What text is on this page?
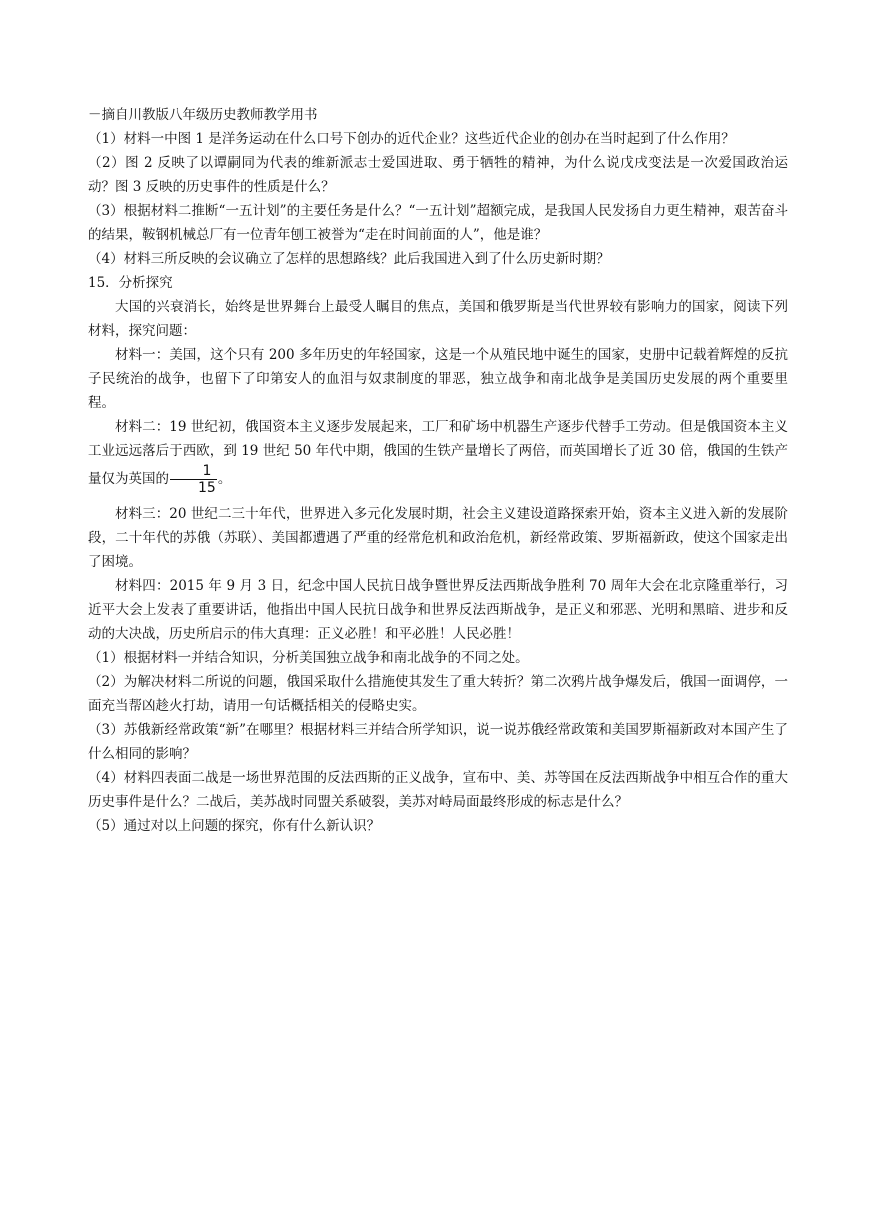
－摘自川教版八年级历史教师教学用书

（1）材料一中图 1 是洋务运动在什么口号下创办的近代企业？这些近代企业的创办在当时起到了什么作用？

（2）图 2 反映了以谭嗣同为代表的维新派志士爱国进取、勇于牺牲的精神，为什么说戊戌变法是一次爱国政治运动？图 3 反映的历史事件的性质是什么？

（3）根据材料二推断“一五计划”的主要任务是什么？“一五计划”超额完成，是我国人民发扬自力更生精神，艰苦奋斗的结果，鞍钢机械总厂有一位青年刨工被誉为“走在时间前面的人”，他是谁？

（4）材料三所反映的会议确立了怎样的思想路线？此后我国进入到了什么历史新时期？

15．分析探究

大国的兴衰消长，始终是世界舞台上最受人瞩目的焦点，美国和俄罗斯是当代世界较有影响力的国家，阅读下列材料，探究问题：

材料一：美国，这个只有 200 多年历史的年轻国家，这是一个从殖民地中诞生的国家，史册中记载着辉煌的反抗子民统治的战争，也留下了印第安人的血泪与奴隶制度的罪恶，独立战争和南北战争是美国历史发展的两个重要里程。

材料二：19 世纪初，俄国资本主义逐步发展起来，工厂和矿场中机器生产逐步代替手工劳动。但是俄国资本主义工业远远落后于西欧，到 19 世纪 50 年代中期，俄国的生铁产量增长了两倍，而英国增长了近 30 倍，俄国的生铁产量仅为英国的 $\frac{1}{15}$ 。

材料三：20 世纪二三十年代，世界进入多元化发展时期，社会主义建设道路探索开始，资本主义进入新的发展阶段，二十年代的苏俄（苏联）、美国都遭遇了严重的经常危机和政治危机，新经常政策、罗斯福新政，使这个国家走出了困境。

材料四：2015 年 9 月 3 日，纪念中国人民抗日战争暨世界反法西斯战争胜利 70 周年大会在北京隆重举行，习近平大会上发表了重要讲话，他指出中国人民抗日战争和世界反法西斯战争，是正义和邪恶、光明和黑暗、进步和反动的大决战，历史所启示的伟大真理：正义必胜！和平必胜！人民必胜！

（1）根据材料一并结合知识，分析美国独立战争和南北战争的不同之处。

（2）为解决材料二所说的问题，俄国采取什么措施使其发生了重大转折？第二次鸦片战争爆发后，俄国一面调停，一面充当帮凶趁火打劫，请用一句话概括相关的侵略史实。

（3）苏俄新经常政策“新”在哪里？根据材料三并结合所学知识，说一说苏俄经常政策和美国罗斯福新政对本国产生了什么相同的影响？

（4）材料四表面二战是一场世界范围的反法西斯的正义战争，宣布中、美、苏等国在反法西斯战争中相互合作的重大历史事件是什么？二战后，美苏战时同盟关系破裂，美苏对峙局面最终形成的标志是什么？

（5）通过对以上问题的探究，你有什么新认识？
